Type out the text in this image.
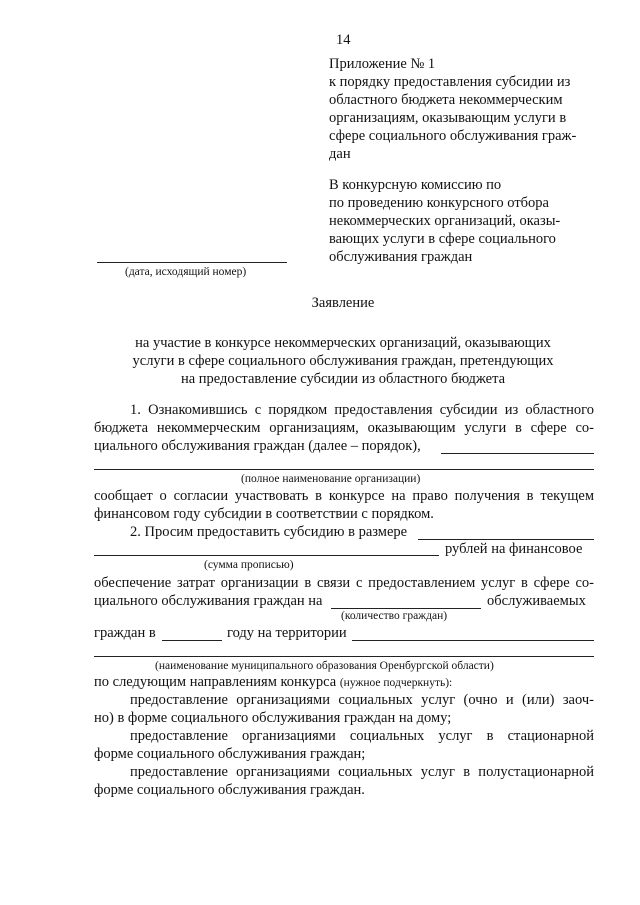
14
Приложение № 1
к порядку предоставления субсидии из
областного бюджета некоммерческим
организациям, оказывающим услуги в
сфере социального обслуживания граж-
дан
В конкурсную комиссию по
по проведению конкурсного отбора
некоммерческих организаций, оказы-
вающих услуги в сфере социального
обслуживания граждан
(дата, исходящий номер)
Заявление
на участие в конкурсе некоммерческих организаций, оказывающих
услуги в сфере социального обслуживания граждан, претендующих
на предоставление субсидии из областного бюджета
1. Ознакомившись с порядком предоставления субсидии из областного
бюджета некоммерческим организациям, оказывающим услуги в сфере со-
циального обслуживания граждан (далее – порядок),
(полное наименование организации)
сообщает о согласии участвовать в конкурсе на право получения в текущем
финансовом году субсидии в соответствии с порядком.
2. Просим предоставить субсидию в размере
рублей на финансовое
(сумма прописью)
обеспечение затрат организации в связи с предоставлением услуг в сфере со-
циального обслуживания граждан на	обслуживаемых
(количество граждан)
граждан в	году на территории
(наименование муниципального образования Оренбургской области)
по следующим направлениям конкурса (нужное подчеркнуть):
предоставление организациями социальных услуг (очно и (или) заоч-
но) в форме социального обслуживания граждан на дому;
предоставление организациями социальных услуг в стационарной
форме социального обслуживания граждан;
предоставление организациями социальных услуг в полустационарной
форме социального обслуживания граждан.
